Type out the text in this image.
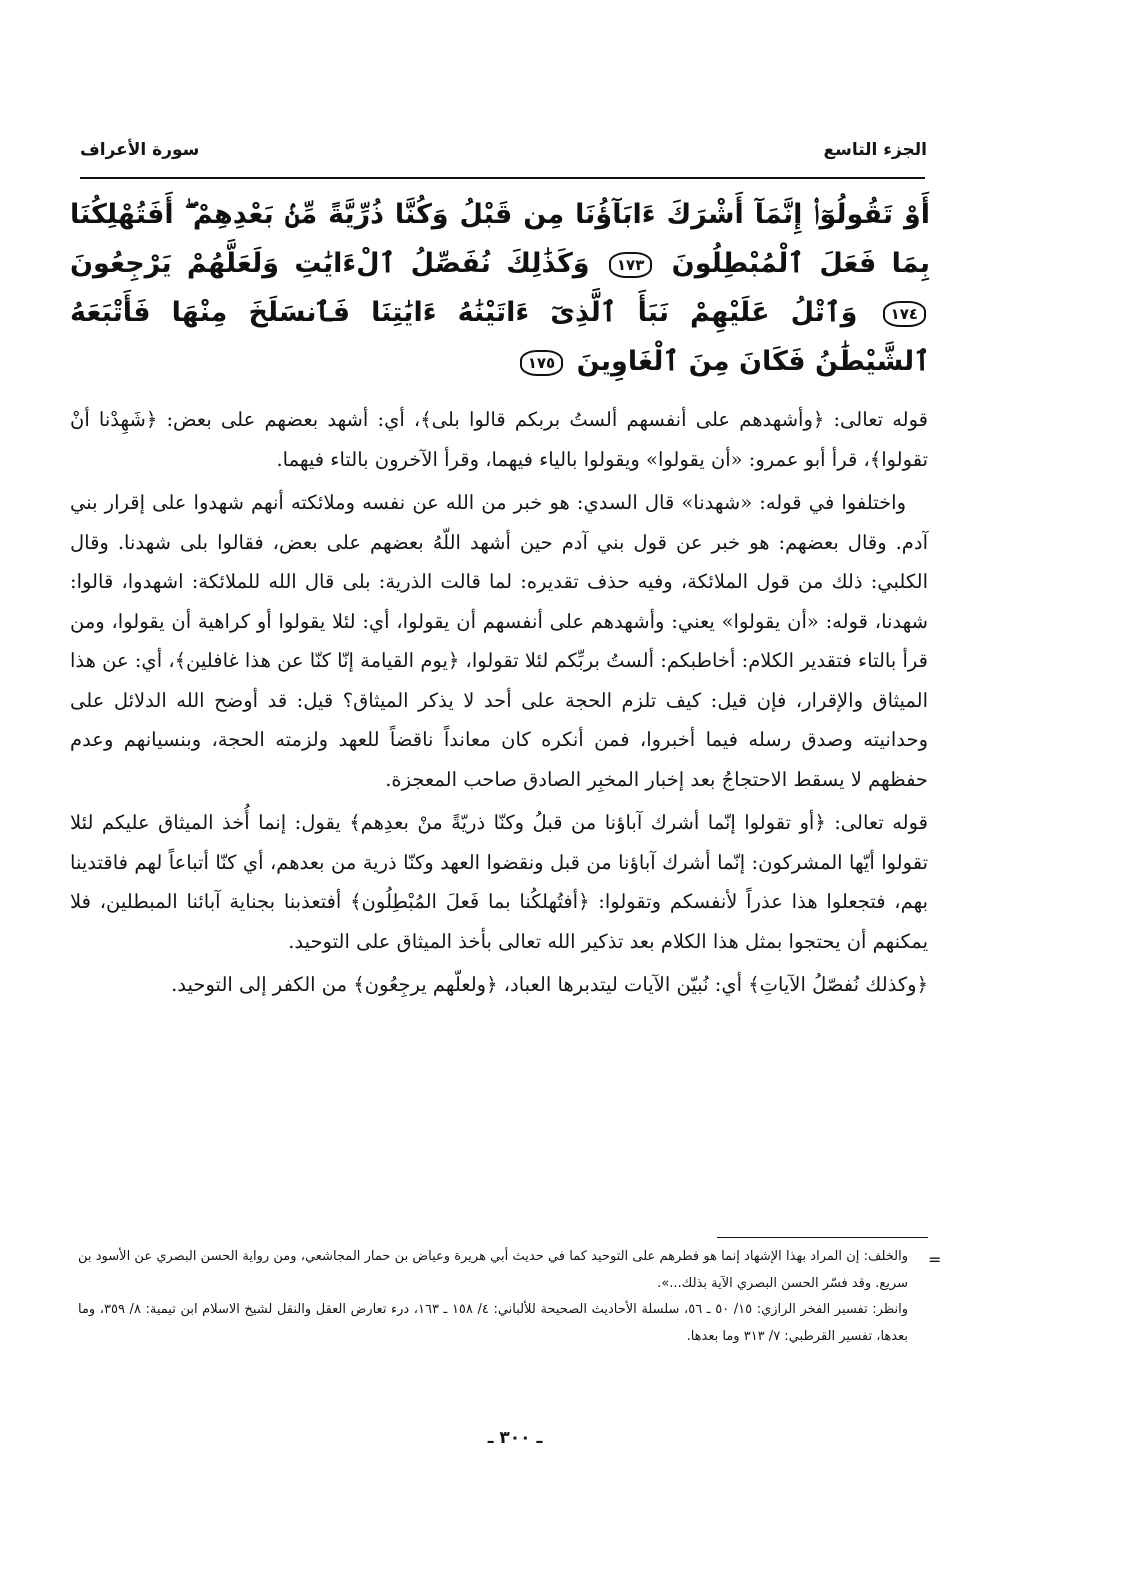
الجزء التاسع
سورة الأعراف
أَوْ تَقُولُوٓا۟ إِنَّمَآ أَشْرَكَ ءَابَآؤُنَا مِن قَبْلُ وَكُنَّا ذُرِّيَّةً مِّنۢ بَعْدِهِمْ ۖ أَفَتُهْلِكُنَا بِمَا فَعَلَ ٱلْمُبْطِلُونَ ١٧٣ وَكَذَٰلِكَ نُفَصِّلُ ٱلْءَايَٰتِ وَلَعَلَّهُمْ يَرْجِعُونَ ١٧٤ وَٱتْلُ عَلَيْهِمْ نَبَأَ ٱلَّذِىٓ ءَاتَيْنَٰهُ ءَايَٰتِنَا فَٱنسَلَخَ مِنْهَا فَأَتْبَعَهُ ٱلشَّيْطَٰنُ فَكَانَ مِنَ ٱلْغَاوِينَ ١٧٥

قوله تعالى: ﴿وأشهدهم على أنفسهم ألستُ بربكم قالوا بلى﴾، أي: أشهد بعضهم على بعض: ﴿شَهِدْنا أنْ تقولوا﴾، قرأ أبو عمرو: «أن يقولوا» ويقولوا بالياء فيهما، وقرأ الآخرون بالتاء فيهما.

واختلفوا في قوله: «شهدنا» قال السدي: هو خبر من الله عن نفسه وملائكته أنهم شهدوا على إقرار بني آدم. وقال بعضهم: هو خبر عن قول بني آدم حين أشهد اللّهُ بعضهم على بعض، فقالوا بلى شهدنا. وقال الكلبي: ذلك من قول الملائكة، وفيه حذف تقديره: لما قالت الذرية: بلى قال الله للملائكة: اشهدوا، قالوا: شهدنا، قوله: «أن يقولوا» يعني: وأشهدهم على أنفسهم أن يقولوا، أي: لئلا يقولوا أو كراهية أن يقولوا، ومن قرأ بالتاء فتقدير الكلام: أخاطبكم: ألستُ بربِّكم لئلا تقولوا، ﴿يوم القيامة إنّا كنّا عن هذا غافلين﴾، أي: عن هذا الميثاق والإقرار، فإن قيل: كيف تلزم الحجة على أحد لا يذكر الميثاق؟ قيل: قد أوضح الله الدلائل على وحدانيته وصدق رسله فيما أخبروا، فمن أنكره كان معانداً ناقضاً للعهد ولزمته الحجة، وبنسيانهم وعدم حفظهم لا يسقط الاحتجاجُ بعد إخبار المخبِر الصادق صاحب المعجزة.

قوله تعالى: ﴿أو تقولوا إنّما أشرك آباؤنا من قبلُ وكنّا ذريّةً منْ بعدِهم﴾ يقول: إنما أُخذ الميثاق عليكم لئلا تقولوا أيّها المشركون: إنّما أشرك آباؤنا من قبل ونقضوا العهد وكنّا ذرية من بعدهم، أي كنّا أتباعاً لهم فاقتدينا بهم، فتجعلوا هذا عذراً لأنفسكم وتقولوا: ﴿أفتُهلكُنا بما فَعلَ المُبْطِلُون﴾ أفتعذبنا بجناية آبائنا المبطلين، فلا يمكنهم أن يحتجوا بمثل هذا الكلام بعد تذكير الله تعالى بأخذ الميثاق على التوحيد.

﴿وكذلك نُفصّلُ الآياتِ﴾ أي: نُبيّن الآيات ليتدبرها العباد، ﴿ولعلّهم يرجِعُون﴾ من الكفر إلى التوحيد.

=

والخلف: إن المراد بهذا الإشهاد إنما هو فطرهم على التوحيد كما في حديث أبي هريرة وعياض بن حمار المجاشعي، ومن رواية الحسن البصري عن الأسود بن سريع. وقد فسّر الحسن البصري الآية بذلك...».

وانظر: تفسير الفخر الرازي: ١٥/ ٥٠ ـ ٥٦، سلسلة الأحاديث الصحيحة للألباني: ٤/ ١٥٨ ـ ١٦٣، درء تعارض العقل والنقل لشيخ الاسلام ابن تيمية: ٨/ ٣٥٩، وما بعدها، تفسير القرطبي: ٧/ ٣١٣ وما بعدها.

ـ ٣٠٠ ـ
